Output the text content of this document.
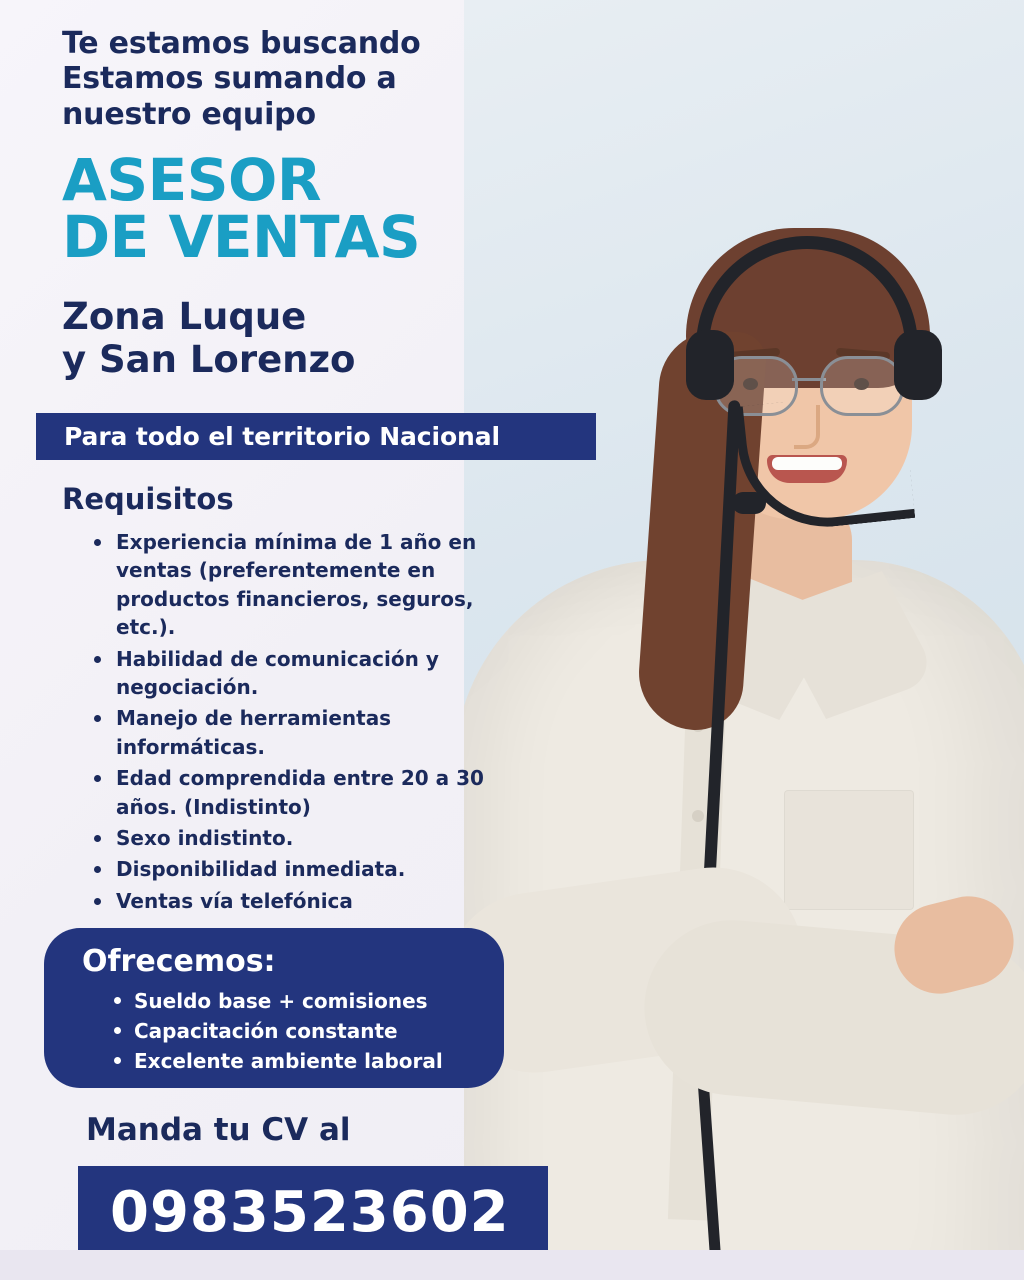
Te estamos buscando
Estamos sumando a
nuestro equipo
ASESOR
DE VENTAS
Zona Luque
y San Lorenzo
Para todo el territorio Nacional
Requisitos
Experiencia mínima de 1 año en ventas (preferentemente en productos financieros, seguros, etc.).
Habilidad de comunicación y negociación.
Manejo de herramientas informáticas.
Edad comprendida entre 20 a 30 años. (Indistinto)
Sexo indistinto.
Disponibilidad inmediata.
Ventas vía telefónica
Ofrecemos:
Sueldo base + comisiones
Capacitación constante
Excelente ambiente laboral
Manda tu CV al
0983523602
